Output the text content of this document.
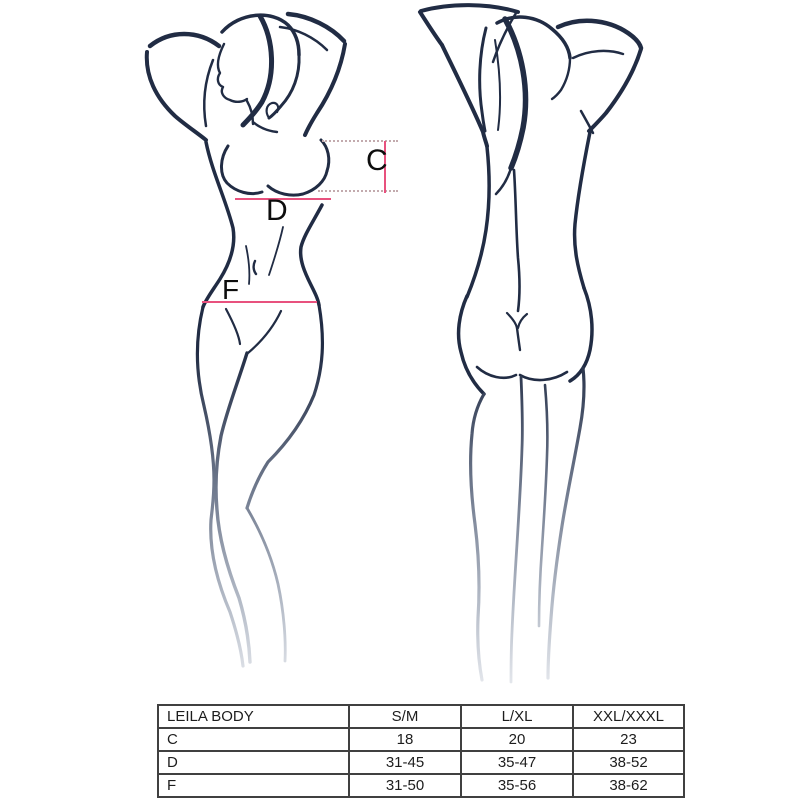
C
D
F
LEILA BODY	S/M	L/XL	XXL/XXXL
C	18	20	23
D	31-45	35-47	38-52
F	31-50	35-56	38-62
